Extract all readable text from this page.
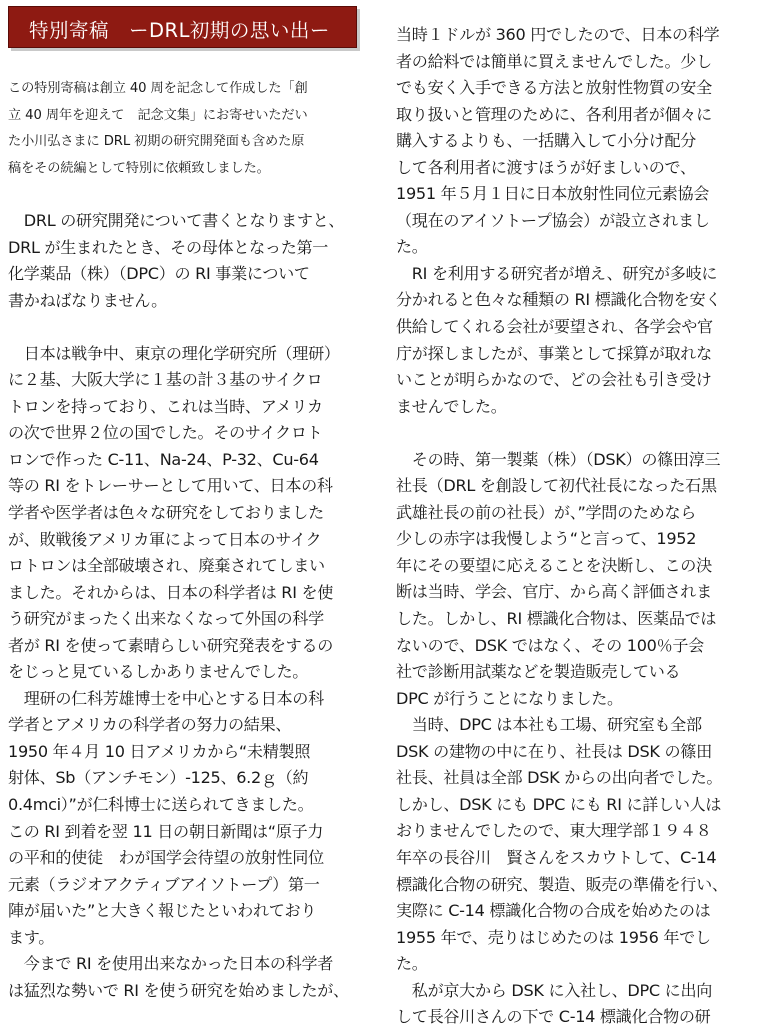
特別寄稿　ーDRL初期の思い出ー
この特別寄稿は創立 40 周を記念して作成した「創
立 40 周年を迎えて　記念文集」にお寄せいただい
た小川弘さまに DRL 初期の研究開発面も含めた原
稿をその続編として特別に依頼致しました。

　DRL の研究開発について書くとなりますと、
DRL が生まれたとき、その母体となった第一
化学薬品（株）（DPC）の RI 事業について
書かねばなりません。

　日本は戦争中、東京の理化学研究所（理研）
に２基、大阪大学に１基の計３基のサイクロ
トロンを持っており、これは当時、アメリカ
の次で世界２位の国でした。そのサイクロト
ロンで作った C-11、Na-24、P-32、Cu-64
等の RI をトレーサーとして用いて、日本の科
学者や医学者は色々な研究をしておりました
が、敗戦後アメリカ軍によって日本のサイク
ロトロンは全部破壊され、廃棄されてしまい
ました。それからは、日本の科学者は RI を使
う研究がまったく出来なくなって外国の科学
者が RI を使って素晴らしい研究発表をするの
をじっと見ているしかありませんでした。

　理研の仁科芳雄博士を中心とする日本の科
学者とアメリカの科学者の努力の結果、
1950 年４月 10 日アメリカから“未精製照
射体、Sb（アンチモン）-125、6.2ｇ（約
0.4mci）”が仁科博士に送られてきました。
この RI 到着を翌 11 日の朝日新聞は“原子力
の平和的使徒　わが国学会待望の放射性同位
元素（ラジオアクティブアイソトープ）第一
陣が届いた”と大きく報じたといわれており
ます。

　今まで RI を使用出来なかった日本の科学者
は猛烈な勢いで RI を使う研究を始めましたが、

当時１ドルが 360 円でしたので、日本の科学
者の給料では簡単に買えませんでした。少し
でも安く入手できる方法と放射性物質の安全
取り扱いと管理のために、各利用者が個々に
購入するよりも、一括購入して小分け配分
して各利用者に渡すほうが好ましいので、
1951 年５月１日に日本放射性同位元素協会
（現在のアイソトープ協会）が設立されまし
た。

　RI を利用する研究者が増え、研究が多岐に
分かれると色々な種類の RI 標識化合物を安く
供給してくれる会社が要望され、各学会や官
庁が探しましたが、事業として採算が取れな
いことが明らかなので、どの会社も引き受け
ませんでした。

　その時、第一製薬（株）（DSK）の篠田淳三
社長（DRL を創設して初代社長になった石黒
武雄社長の前の社長）が、”学問のためなら
少しの赤字は我慢しよう“と言って、1952
年にその要望に応えることを決断し、この決
断は当時、学会、官庁、から高く評価されま
した。しかし、RI 標識化合物は、医薬品では
ないので、DSK ではなく、その 100％子会
社で診断用試薬などを製造販売している
DPC が行うことになりました。

　当時、DPC は本社も工場、研究室も全部
DSK の建物の中に在り、社長は DSK の篠田
社長、社員は全部 DSK からの出向者でした。
しかし、DSK にも DPC にも RI に詳しい人は
おりませんでしたので、東大理学部１９４８
年卒の長谷川　賢さんをスカウトして、C-14
標識化合物の研究、製造、販売の準備を行い、
実際に C-14 標識化合物の合成を始めたのは
1955 年で、売りはじめたのは 1956 年でし
た。

　私が京大から DSK に入社し、DPC に出向
して長谷川さんの下で C-14 標識化合物の研
